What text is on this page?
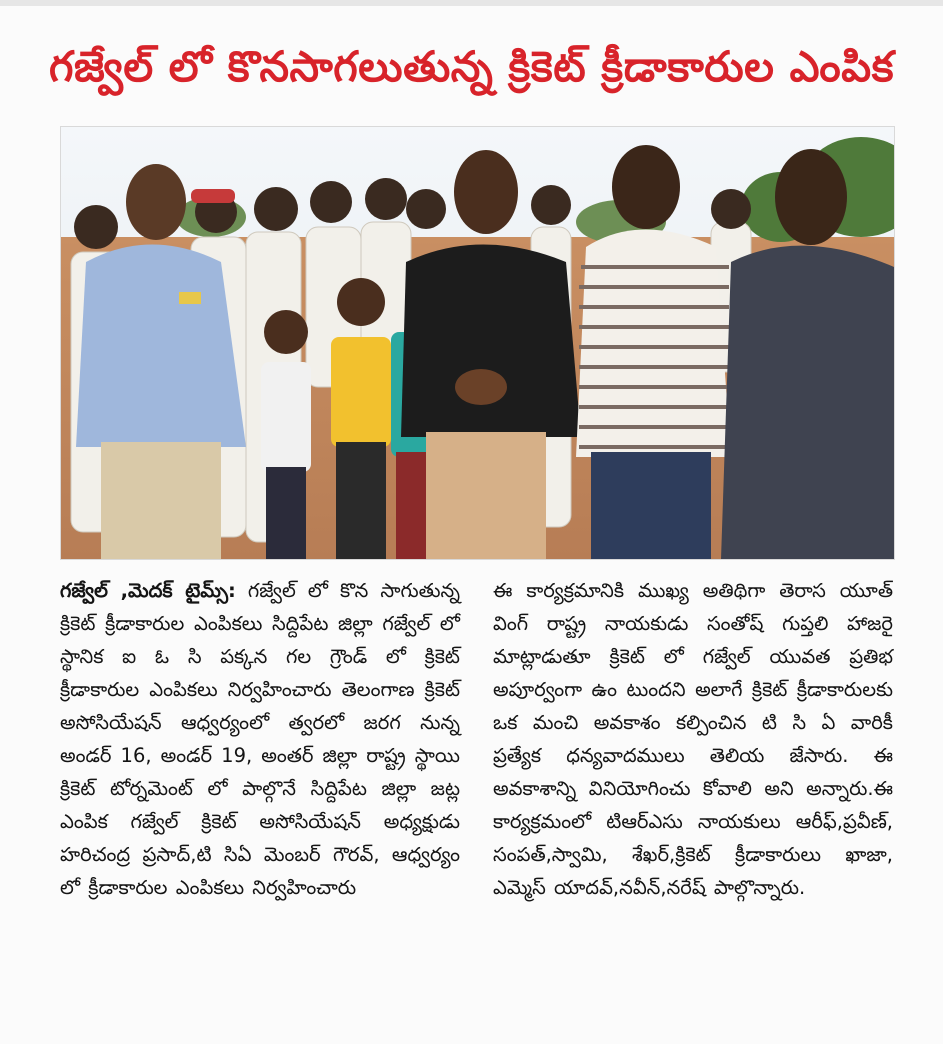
గజ్వేల్ లో కొనసాగలుతున్న క్రికెట్ క్రీడాకారుల ఎంపిక
గజ్వేల్ ,మెదక్ టైమ్స్: గజ్వేల్ లో కొన సాగుతున్న క్రికెట్ క్రీడాకారుల ఎంపికలు సిద్దిపేట జిల్లా గజ్వేల్ లో స్థానిక ఐ ఓ సి పక్కన గల గ్రౌండ్ లో క్రికెట్ క్రీడాకారుల ఎంపికలు నిర్వహించారు తెలంగాణ క్రికెట్ అసోసియేషన్ ఆధ్వర్యంలో త్వరలో జరగ నున్న అండర్ 16, అండర్ 19, అంతర్ జిల్లా రాష్ట్ర స్థాయి క్రికెట్ టోర్నమెంట్ లో పాల్గొనే సిద్దిపేట జిల్లా జట్ల ఎంపిక గజ్వేల్ క్రికెట్ అసోసియేషన్ అధ్యక్షుడు హరిచంద్ర ప్రసాద్,టి సిఏ మెంబర్ గౌరవ్, ఆధ్వర్యం లో క్రీడాకారుల ఎంపికలు నిర్వహించారు
ఈ కార్యక్రమానికి ముఖ్య అతిథిగా తెరాస యూత్ వింగ్ రాష్ట్ర నాయకుడు సంతోష్ గుప్తలి హాజరై మాట్లాడుతూ క్రికెట్ లో గజ్వేల్ యువత ప్రతిభ అపూర్వంగా ఉం టుందని అలాగే క్రికెట్ క్రీడాకారులకు ఒక మంచి అవకాశం కల్పించిన టి సి ఏ వారికీ ప్రత్యేక ధన్యవాదములు తెలియ జేసారు. ఈ అవకాశాన్ని వినియోగించు కోవాలి అని అన్నారు.ఈ కార్యక్రమంలో టిఆర్ఎసు నాయకులు ఆరీఫ్,ప్రవీణ్, సంపత్,స్వామి, శేఖర్,క్రికెట్ క్రీడాకారులు ఖాజా, ఎమ్మెస్ యాదవ్,నవీన్,నరేష్ పాల్గొన్నారు.
